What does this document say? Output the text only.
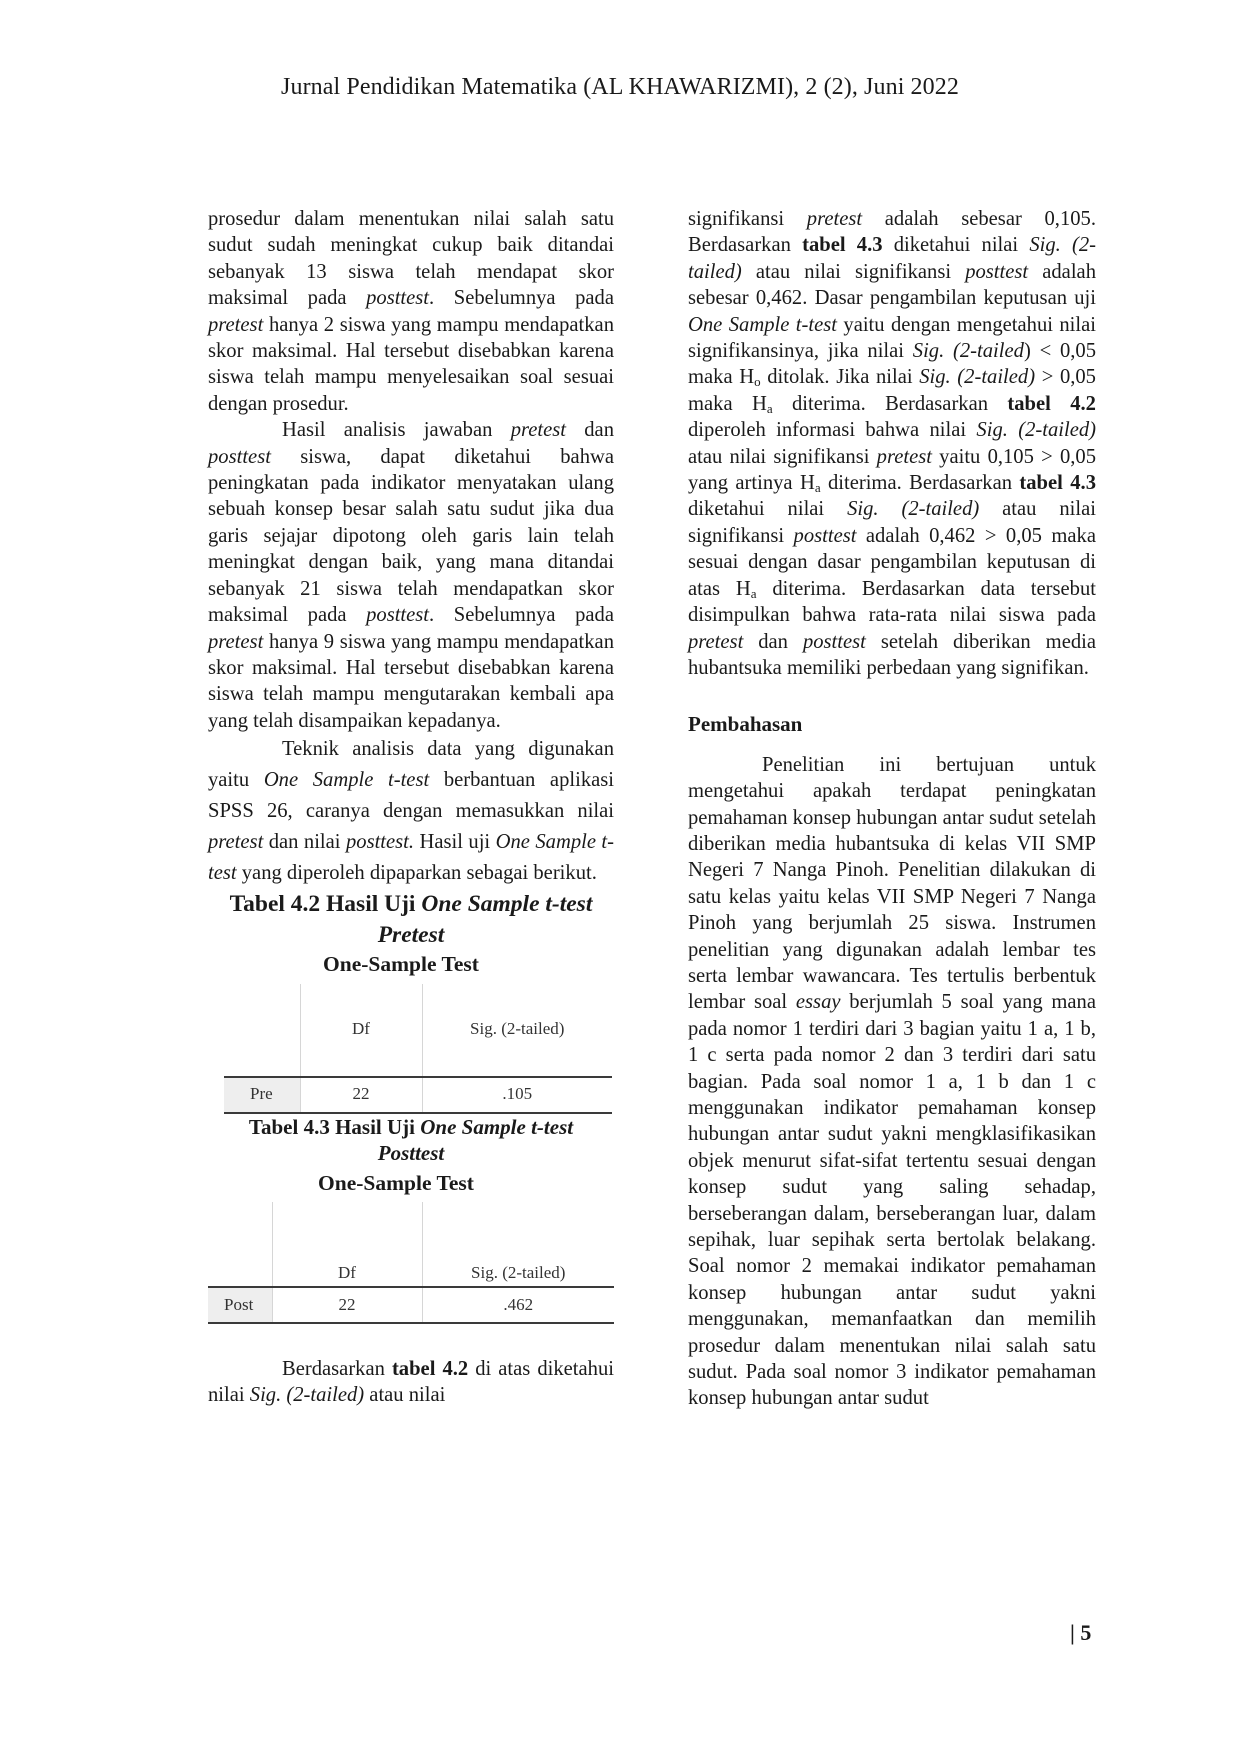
Jurnal Pendidikan Matematika (AL KHAWARIZMI), 2 (2), Juni 2022

prosedur dalam menentukan nilai salah satu sudut sudah meningkat cukup baik ditandai sebanyak 13 siswa telah mendapat skor maksimal pada posttest. Sebelumnya pada pretest hanya 2 siswa yang mampu mendapatkan skor maksimal. Hal tersebut disebabkan karena siswa telah mampu menyelesaikan soal sesuai dengan prosedur.

Hasil analisis jawaban pretest dan posttest siswa, dapat diketahui bahwa peningkatan pada indikator menyatakan ulang sebuah konsep besar salah satu sudut jika dua garis sejajar dipotong oleh garis lain telah meningkat dengan baik, yang mana ditandai sebanyak 21 siswa telah mendapatkan skor maksimal pada posttest. Sebelumnya pada pretest hanya 9 siswa yang mampu mendapatkan skor maksimal. Hal tersebut disebabkan karena siswa telah mampu mengutarakan kembali apa yang telah disampaikan kepadanya.

Teknik analisis data yang digunakan yaitu One Sample t-test berbantuan aplikasi SPSS 26, caranya dengan memasukkan nilai pretest dan nilai posttest. Hasil uji One Sample t-test yang diperoleh dipaparkan sebagai berikut.

Tabel 4.2 Hasil Uji One Sample t-test
Pretest

One-Sample Test

	Df	Sig. (2-tailed)
Pre	22	.105

Tabel 4.3 Hasil Uji One Sample t-test
Posttest

One-Sample Test

	Df	Sig. (2-tailed)
Post	22	.462

Berdasarkan tabel 4.2 di atas diketahui nilai Sig. (2-tailed) atau nilai

signifikansi pretest adalah sebesar 0,105. Berdasarkan tabel 4.3 diketahui nilai Sig. (2-tailed) atau nilai signifikansi posttest adalah sebesar 0,462. Dasar pengambilan keputusan uji One Sample t-test yaitu dengan mengetahui nilai signifikansinya, jika nilai Sig. (2-tailed) < 0,05 maka $H_o$ ditolak. Jika nilai Sig. (2-tailed) > 0,05 maka $H_a$ diterima. Berdasarkan tabel 4.2 diperoleh informasi bahwa nilai Sig. (2-tailed) atau nilai signifikansi pretest yaitu 0,105 > 0,05 yang artinya $H_a$ diterima. Berdasarkan tabel 4.3 diketahui nilai Sig. (2-tailed) atau nilai signifikansi posttest adalah 0,462 > 0,05 maka sesuai dengan dasar pengambilan keputusan di atas $H_a$ diterima. Berdasarkan data tersebut disimpulkan bahwa rata-rata nilai siswa pada pretest dan posttest setelah diberikan media hubantsuka memiliki perbedaan yang signifikan.

Pembahasan

Penelitian ini bertujuan untuk mengetahui apakah terdapat peningkatan pemahaman konsep hubungan antar sudut setelah diberikan media hubantsuka di kelas VII SMP Negeri 7 Nanga Pinoh. Penelitian dilakukan di satu kelas yaitu kelas VII SMP Negeri 7 Nanga Pinoh yang berjumlah 25 siswa. Instrumen penelitian yang digunakan adalah lembar tes serta lembar wawancara. Tes tertulis berbentuk lembar soal essay berjumlah 5 soal yang mana pada nomor 1 terdiri dari 3 bagian yaitu 1 a, 1 b, 1 c serta pada nomor 2 dan 3 terdiri dari satu bagian. Pada soal nomor 1 a, 1 b dan 1 c menggunakan indikator pemahaman konsep hubungan antar sudut yakni mengklasifikasikan objek menurut sifat-sifat tertentu sesuai dengan konsep sudut yang saling sehadap, berseberangan dalam, berseberangan luar, dalam sepihak, luar sepihak serta bertolak belakang. Soal nomor 2 memakai indikator pemahaman konsep hubungan antar sudut yakni menggunakan, memanfaatkan dan memilih prosedur dalam menentukan nilai salah satu sudut. Pada soal nomor 3 indikator pemahaman konsep hubungan antar sudut

| 5
